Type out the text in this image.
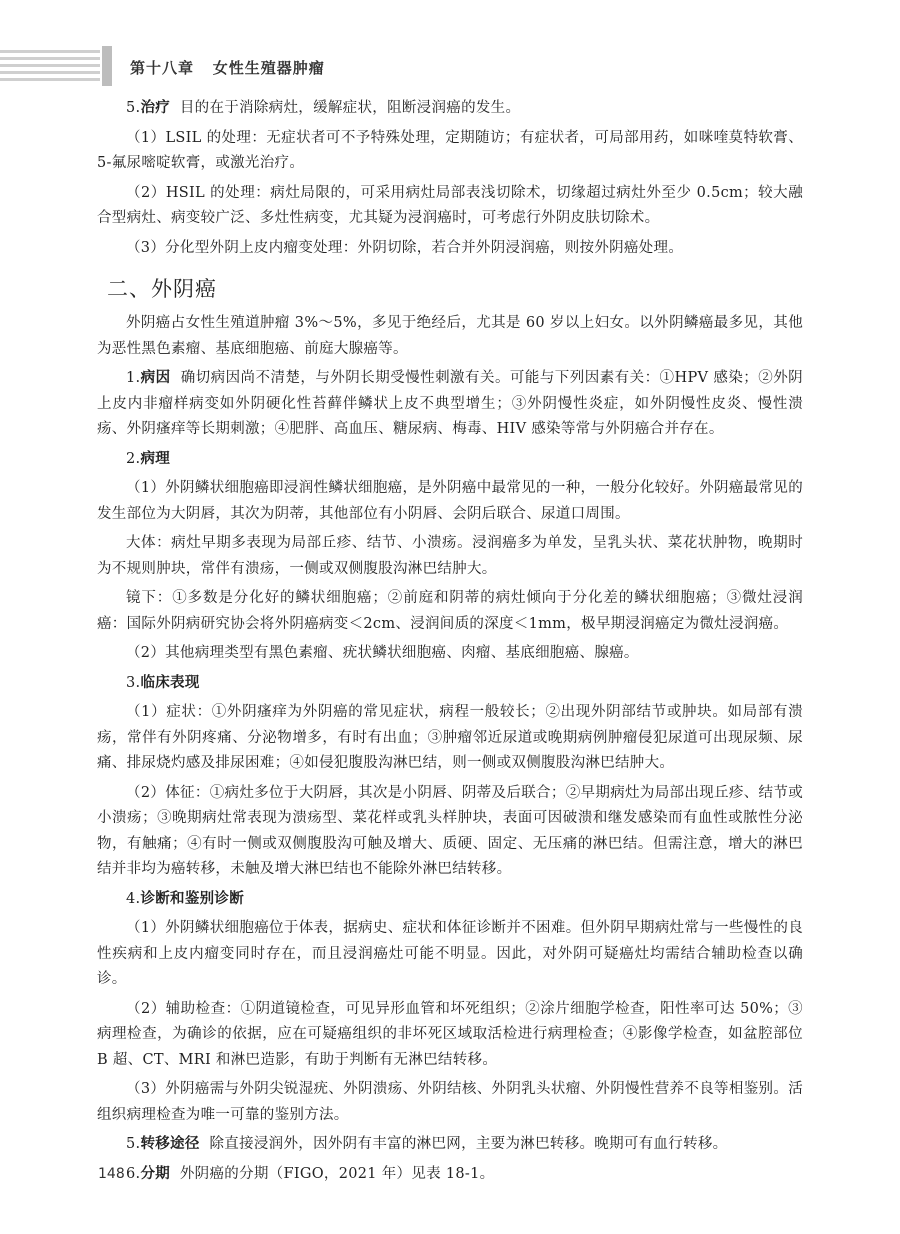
第十八章 女性生殖器肿瘤

5.治疗 目的在于消除病灶，缓解症状，阻断浸润癌的发生。

（1）LSIL 的处理：无症状者可不予特殊处理，定期随访；有症状者，可局部用药，如咪喹莫特软膏、5-氟尿嘧啶软膏，或激光治疗。

（2）HSIL 的处理：病灶局限的，可采用病灶局部表浅切除术，切缘超过病灶外至少 0.5cm；较大融合型病灶、病变较广泛、多灶性病变，尤其疑为浸润癌时，可考虑行外阴皮肤切除术。

（3）分化型外阴上皮内瘤变处理：外阴切除，若合并外阴浸润癌，则按外阴癌处理。

二、外阴癌

外阴癌占女性生殖道肿瘤 3%～5%，多见于绝经后，尤其是 60 岁以上妇女。以外阴鳞癌最多见，其他为恶性黑色素瘤、基底细胞癌、前庭大腺癌等。

1.病因 确切病因尚不清楚，与外阴长期受慢性刺激有关。可能与下列因素有关：①HPV 感染；②外阴上皮内非瘤样病变如外阴硬化性苔藓伴鳞状上皮不典型增生；③外阴慢性炎症，如外阴慢性皮炎、慢性溃疡、外阴瘙痒等长期刺激；④肥胖、高血压、糖尿病、梅毒、HIV 感染等常与外阴癌合并存在。

2.病理

（1）外阴鳞状细胞癌即浸润性鳞状细胞癌，是外阴癌中最常见的一种，一般分化较好。外阴癌最常见的发生部位为大阴唇，其次为阴蒂，其他部位有小阴唇、会阴后联合、尿道口周围。

大体：病灶早期多表现为局部丘疹、结节、小溃疡。浸润癌多为单发，呈乳头状、菜花状肿物，晚期时为不规则肿块，常伴有溃疡，一侧或双侧腹股沟淋巴结肿大。

镜下：①多数是分化好的鳞状细胞癌；②前庭和阴蒂的病灶倾向于分化差的鳞状细胞癌；③微灶浸润癌：国际外阴病研究协会将外阴癌病变＜2cm、浸润间质的深度＜1mm，极早期浸润癌定为微灶浸润癌。

（2）其他病理类型有黑色素瘤、疣状鳞状细胞癌、肉瘤、基底细胞癌、腺癌。

3.临床表现

（1）症状：①外阴瘙痒为外阴癌的常见症状，病程一般较长；②出现外阴部结节或肿块。如局部有溃疡，常伴有外阴疼痛、分泌物增多，有时有出血；③肿瘤邻近尿道或晚期病例肿瘤侵犯尿道可出现尿频、尿痛、排尿烧灼感及排尿困难；④如侵犯腹股沟淋巴结，则一侧或双侧腹股沟淋巴结肿大。

（2）体征：①病灶多位于大阴唇，其次是小阴唇、阴蒂及后联合；②早期病灶为局部出现丘疹、结节或小溃疡；③晚期病灶常表现为溃疡型、菜花样或乳头样肿块，表面可因破溃和继发感染而有血性或脓性分泌物，有触痛；④有时一侧或双侧腹股沟可触及增大、质硬、固定、无压痛的淋巴结。但需注意，增大的淋巴结并非均为癌转移，未触及增大淋巴结也不能除外淋巴结转移。

4.诊断和鉴别诊断

（1）外阴鳞状细胞癌位于体表，据病史、症状和体征诊断并不困难。但外阴早期病灶常与一些慢性的良性疾病和上皮内瘤变同时存在，而且浸润癌灶可能不明显。因此，对外阴可疑癌灶均需结合辅助检查以确诊。

（2）辅助检查：①阴道镜检查，可见异形血管和坏死组织；②涂片细胞学检查，阳性率可达 50%；③病理检查，为确诊的依据，应在可疑癌组织的非坏死区域取活检进行病理检查；④影像学检查，如盆腔部位 B 超、CT、MRI 和淋巴造影，有助于判断有无淋巴结转移。

（3）外阴癌需与外阴尖锐湿疣、外阴溃疡、外阴结核、外阴乳头状瘤、外阴慢性营养不良等相鉴别。活组织病理检查为唯一可靠的鉴别方法。

5.转移途径 除直接浸润外，因外阴有丰富的淋巴网，主要为淋巴转移。晚期可有血行转移。

6.分期 外阴癌的分期（FIGO，2021 年）见表 18-1。

148
